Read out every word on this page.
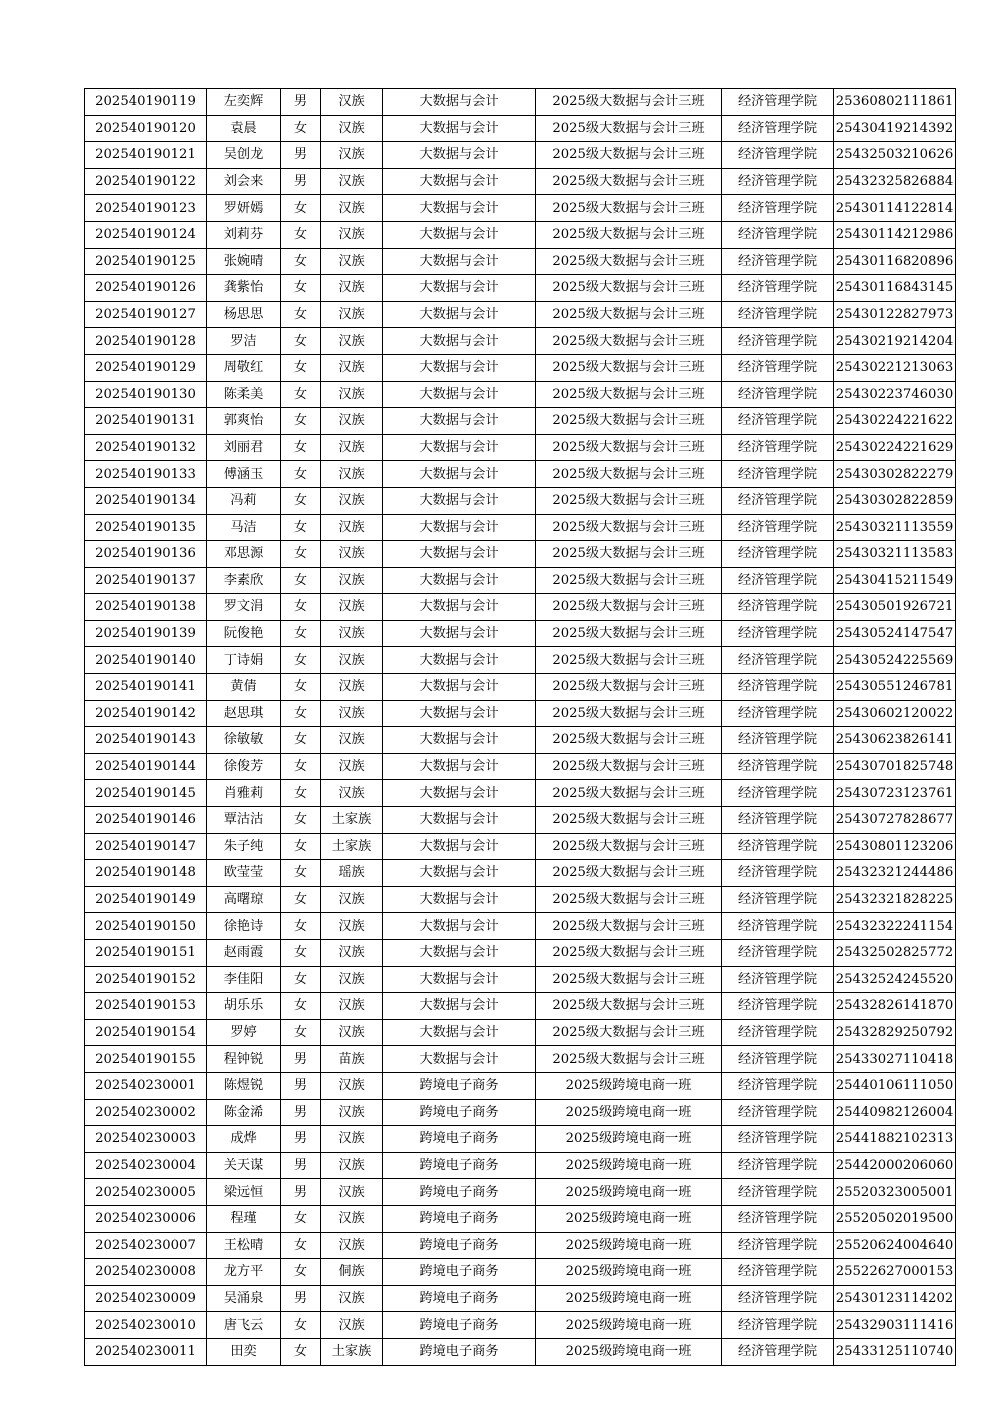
202540190119	左奕辉	男	汉族	大数据与会计	2025级大数据与会计三班	经济管理学院	25360802111861
202540190120	袁晨	女	汉族	大数据与会计	2025级大数据与会计三班	经济管理学院	25430419214392
202540190121	吴创龙	男	汉族	大数据与会计	2025级大数据与会计三班	经济管理学院	25432503210626
202540190122	刘会来	男	汉族	大数据与会计	2025级大数据与会计三班	经济管理学院	25432325826884
202540190123	罗妍嫣	女	汉族	大数据与会计	2025级大数据与会计三班	经济管理学院	25430114122814
202540190124	刘莉芬	女	汉族	大数据与会计	2025级大数据与会计三班	经济管理学院	25430114212986
202540190125	张婉晴	女	汉族	大数据与会计	2025级大数据与会计三班	经济管理学院	25430116820896
202540190126	龚紫怡	女	汉族	大数据与会计	2025级大数据与会计三班	经济管理学院	25430116843145
202540190127	杨思思	女	汉族	大数据与会计	2025级大数据与会计三班	经济管理学院	25430122827973
202540190128	罗洁	女	汉族	大数据与会计	2025级大数据与会计三班	经济管理学院	25430219214204
202540190129	周敬红	女	汉族	大数据与会计	2025级大数据与会计三班	经济管理学院	25430221213063
202540190130	陈柔美	女	汉族	大数据与会计	2025级大数据与会计三班	经济管理学院	25430223746030
202540190131	郭爽怡	女	汉族	大数据与会计	2025级大数据与会计三班	经济管理学院	25430224221622
202540190132	刘丽君	女	汉族	大数据与会计	2025级大数据与会计三班	经济管理学院	25430224221629
202540190133	傅涵玉	女	汉族	大数据与会计	2025级大数据与会计三班	经济管理学院	25430302822279
202540190134	冯莉	女	汉族	大数据与会计	2025级大数据与会计三班	经济管理学院	25430302822859
202540190135	马洁	女	汉族	大数据与会计	2025级大数据与会计三班	经济管理学院	25430321113559
202540190136	邓思源	女	汉族	大数据与会计	2025级大数据与会计三班	经济管理学院	25430321113583
202540190137	李素欣	女	汉族	大数据与会计	2025级大数据与会计三班	经济管理学院	25430415211549
202540190138	罗文涓	女	汉族	大数据与会计	2025级大数据与会计三班	经济管理学院	25430501926721
202540190139	阮俊艳	女	汉族	大数据与会计	2025级大数据与会计三班	经济管理学院	25430524147547
202540190140	丁诗娟	女	汉族	大数据与会计	2025级大数据与会计三班	经济管理学院	25430524225569
202540190141	黄倩	女	汉族	大数据与会计	2025级大数据与会计三班	经济管理学院	25430551246781
202540190142	赵思琪	女	汉族	大数据与会计	2025级大数据与会计三班	经济管理学院	25430602120022
202540190143	徐敏敏	女	汉族	大数据与会计	2025级大数据与会计三班	经济管理学院	25430623826141
202540190144	徐俊芳	女	汉族	大数据与会计	2025级大数据与会计三班	经济管理学院	25430701825748
202540190145	肖雅莉	女	汉族	大数据与会计	2025级大数据与会计三班	经济管理学院	25430723123761
202540190146	覃沽沽	女	土家族	大数据与会计	2025级大数据与会计三班	经济管理学院	25430727828677
202540190147	朱子纯	女	土家族	大数据与会计	2025级大数据与会计三班	经济管理学院	25430801123206
202540190148	欧莹莹	女	瑶族	大数据与会计	2025级大数据与会计三班	经济管理学院	25432321244486
202540190149	高曙琼	女	汉族	大数据与会计	2025级大数据与会计三班	经济管理学院	25432321828225
202540190150	徐艳诗	女	汉族	大数据与会计	2025级大数据与会计三班	经济管理学院	25432322241154
202540190151	赵雨霞	女	汉族	大数据与会计	2025级大数据与会计三班	经济管理学院	25432502825772
202540190152	李佳阳	女	汉族	大数据与会计	2025级大数据与会计三班	经济管理学院	25432524245520
202540190153	胡乐乐	女	汉族	大数据与会计	2025级大数据与会计三班	经济管理学院	25432826141870
202540190154	罗婷	女	汉族	大数据与会计	2025级大数据与会计三班	经济管理学院	25432829250792
202540190155	程钟锐	男	苗族	大数据与会计	2025级大数据与会计三班	经济管理学院	25433027110418
202540230001	陈煜锐	男	汉族	跨境电子商务	2025级跨境电商一班	经济管理学院	25440106111050
202540230002	陈金浠	男	汉族	跨境电子商务	2025级跨境电商一班	经济管理学院	25440982126004
202540230003	成烨	男	汉族	跨境电子商务	2025级跨境电商一班	经济管理学院	25441882102313
202540230004	关天谋	男	汉族	跨境电子商务	2025级跨境电商一班	经济管理学院	25442000206060
202540230005	梁远恒	男	汉族	跨境电子商务	2025级跨境电商一班	经济管理学院	25520323005001
202540230006	程瑾	女	汉族	跨境电子商务	2025级跨境电商一班	经济管理学院	25520502019500
202540230007	王松晴	女	汉族	跨境电子商务	2025级跨境电商一班	经济管理学院	25520624004640
202540230008	龙方平	女	侗族	跨境电子商务	2025级跨境电商一班	经济管理学院	25522627000153
202540230009	吴涌泉	男	汉族	跨境电子商务	2025级跨境电商一班	经济管理学院	25430123114202
202540230010	唐飞云	女	汉族	跨境电子商务	2025级跨境电商一班	经济管理学院	25432903111416
202540230011	田奕	女	土家族	跨境电子商务	2025级跨境电商一班	经济管理学院	25433125110740
